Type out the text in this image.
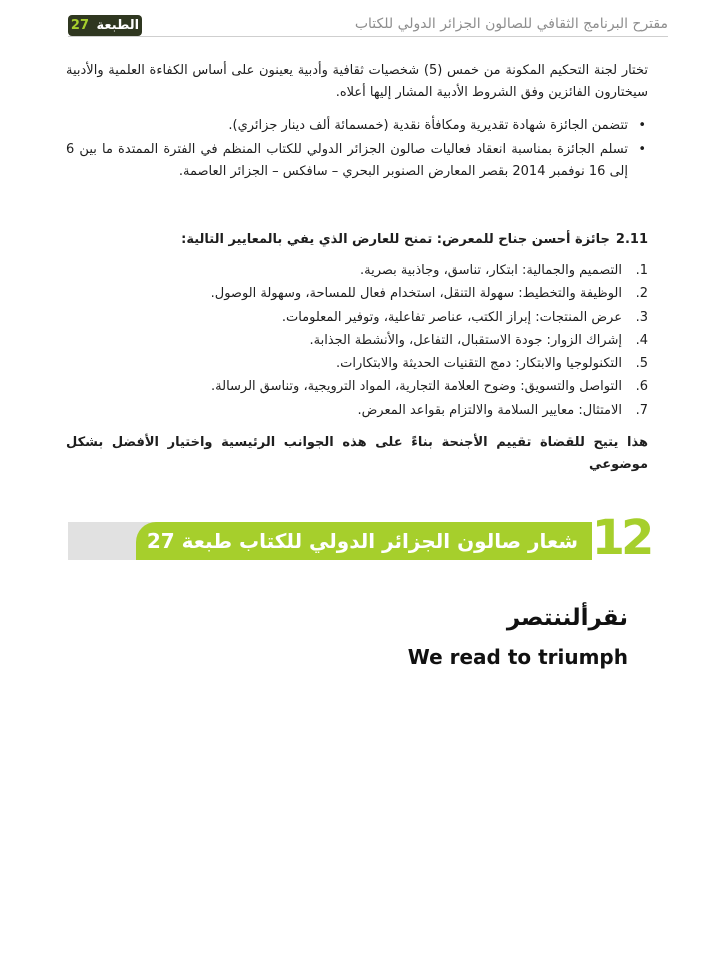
الطبعة 27	مقترح البرنامج الثقافي للصالون الجزائر الدولي للكتاب
تختار لجنة التحكيم المكونة من خمس (5) شخصيات ثقافية وأدبية يعينون على أساس الكفاءة العلمية والأدبية سيختارون الفائزين وفق الشروط الأدبية المشار إليها أعلاه.
• تتضمن الجائزة شهادة تقديرية ومكافأة نقدية (خمسمائة ألف دينار جزائري).
• تسلم الجائزة بمناسبة انعقاد فعاليات صالون الجزائر الدولي للكتاب المنظم في الفترة الممتدة ما بين 6 إلى 16 نوفمبر 2014 بقصر المعارض الصنوبر البحري – سافكس – الجزائر العاصمة.
2.11جائزة أحسن جناح للمعرض: تمنح للعارض الذي يفي بالمعايير التالية:
1.
التصميم والجمالية: ابتكار، تناسق، وجاذبية بصرية.
2.
الوظيفة والتخطيط: سهولة التنقل، استخدام فعال للمساحة، وسهولة الوصول.
3.
عرض المنتجات: إبراز الكتب، عناصر تفاعلية، وتوفير المعلومات.
4.
إشراك الزوار: جودة الاستقبال، التفاعل، والأنشطة الجذابة.
5.
التكنولوجيا والابتكار: دمج التقنيات الحديثة والابتكارات.
6.
التواصل والتسويق: وضوح العلامة التجارية، المواد الترويجية، وتناسق الرسالة.
7.
الامتثال: معايير السلامة والالتزام بقواعد المعرض.
هذا يتيح للقضاة تقييم الأجنحة بناءً على هذه الجوانب الرئيسية واختيار الأفضل بشكل موضوعي
شعار صالون الجزائر الدولي للكتاب طبعة 27 12
نقرألننتصر
We read to triumph
